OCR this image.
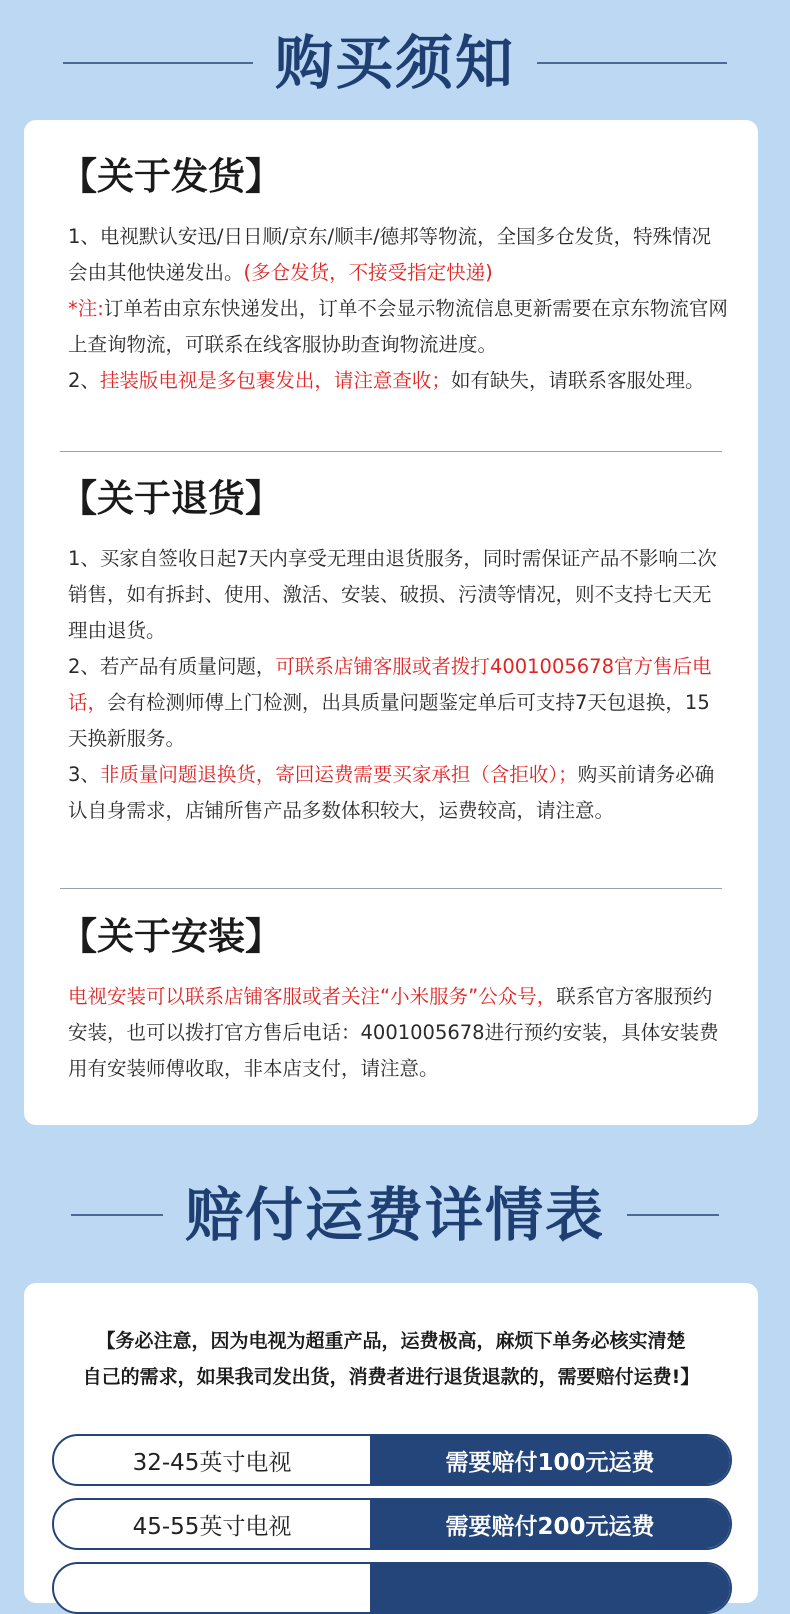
购买须知
【关于发货】

1、电视默认安迅/日日顺/京东/顺丰/德邦等物流，全国多仓发货，特殊情况会由其他快递发出。(多仓发货，不接受指定快递)

*注:订单若由京东快递发出，订单不会显示物流信息更新需要在京东物流官网上查询物流，可联系在线客服协助查询物流进度。

2、挂装版电视是多包裹发出，请注意查收；如有缺失，请联系客服处理。

【关于退货】

1、买家自签收日起7天内享受无理由退货服务，同时需保证产品不影响二次销售，如有拆封、使用、激活、安装、破损、污渍等情况，则不支持七天无理由退货。

2、若产品有质量问题，可联系店铺客服或者拨打4001005678官方售后电话，会有检测师傅上门检测，出具质量问题鉴定单后可支持7天包退换，15天换新服务。

3、非质量问题退换货，寄回运费需要买家承担（含拒收）；购买前请务必确认自身需求，店铺所售产品多数体积较大，运费较高，请注意。

【关于安装】

电视安装可以联系店铺客服或者关注“小米服务”公众号，联系官方客服预约安装，也可以拨打官方售后电话：4001005678进行预约安装，具体安装费用有安装师傅收取，非本店支付，请注意。

赔付运费详情表
【务必注意，因为电视为超重产品，运费极高，麻烦下单务必核实清楚
自己的需求，如果我司发出货，消费者进行退货退款的，需要赔付运费!】
32-45英寸电视	需要赔付100元运费
45-55英寸电视	需要赔付200元运费
